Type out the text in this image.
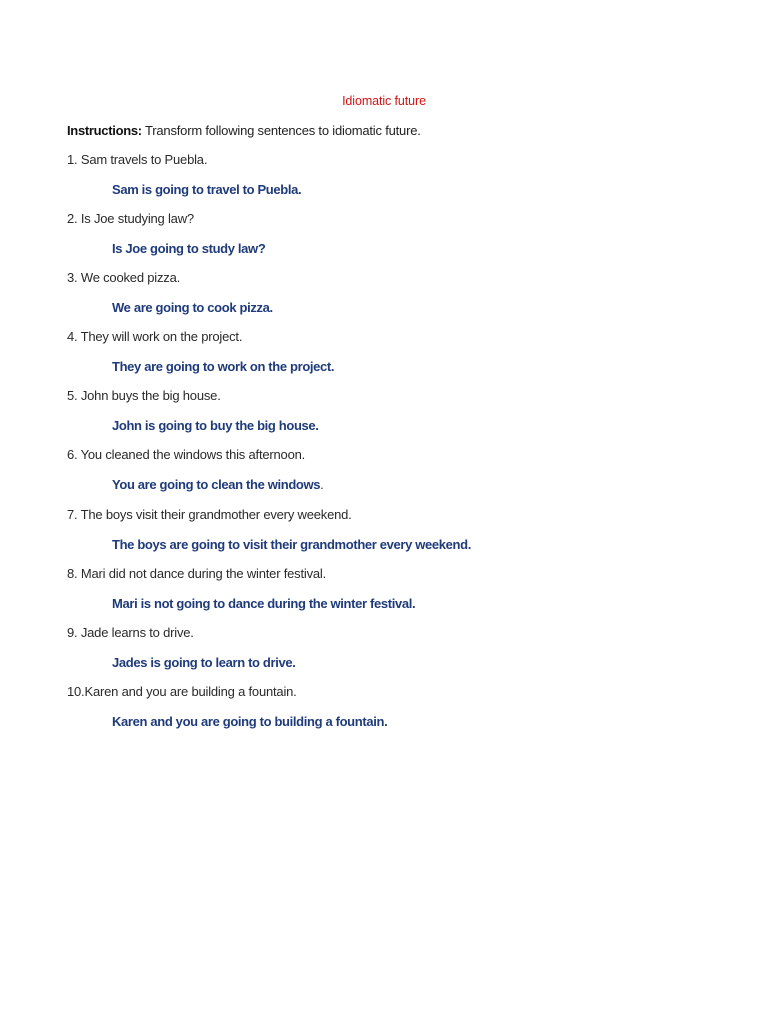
Idiomatic future
Instructions: Transform following sentences to idiomatic future.
1. Sam travels to Puebla.
Sam is going to travel to Puebla.
2. Is Joe studying law?
Is Joe going to study law?
3. We cooked pizza.
We are going to cook pizza.
4. They will work on the project.
They are going to work on the project.
5. John buys the big house.
John is going to buy the big house.
6. You cleaned the windows this afternoon.
You are going to clean the windows.
7. The boys visit their grandmother every weekend.
The boys are going to visit their grandmother every weekend.
8. Mari did not dance during the winter festival.
Mari is not going to dance during the winter festival.
9. Jade learns to drive.
Jades is going to learn to drive.
10.Karen and you are building a fountain.
Karen and you are going to building a fountain.
